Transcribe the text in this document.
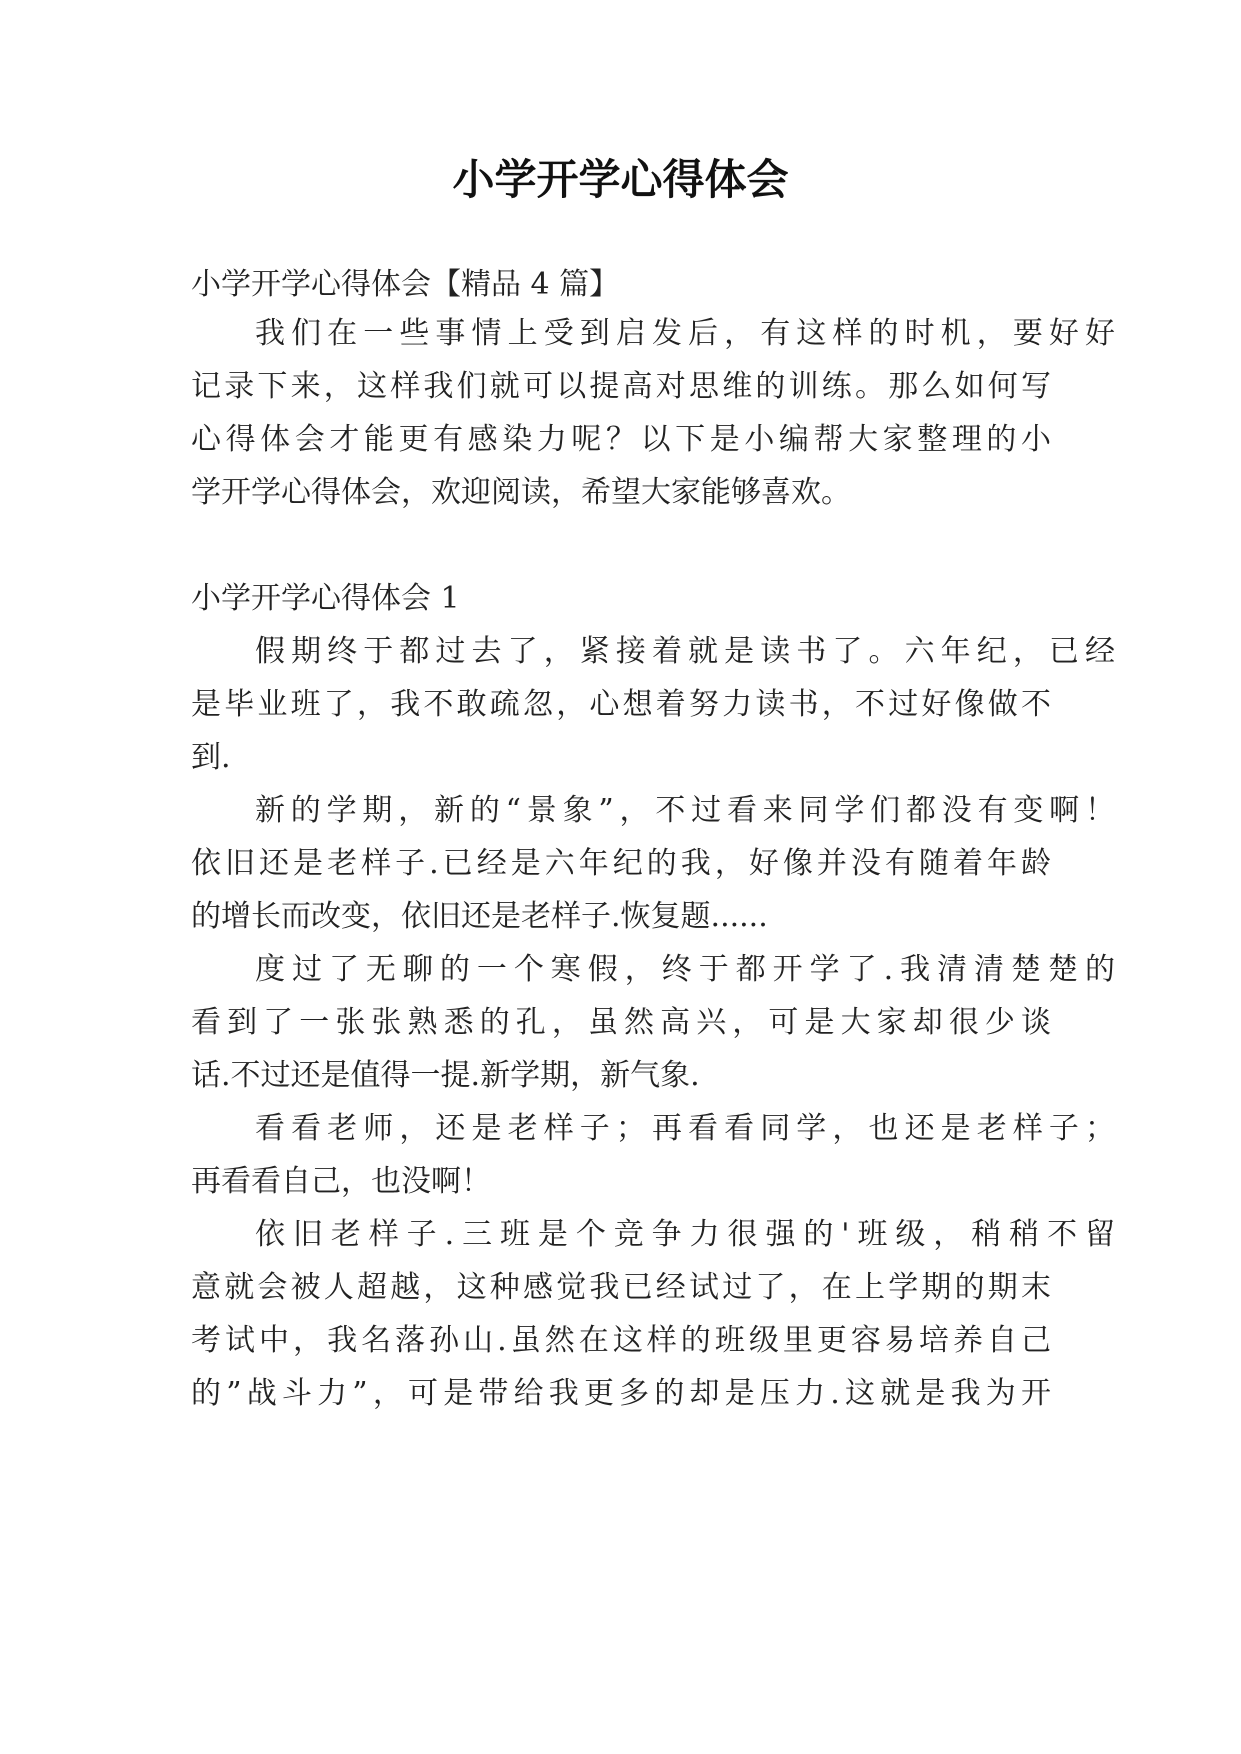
小学开学心得体会

小学开学心得体会【精品 4 篇】

我们在一些事情上受到启发后，有这样的时机，要好好

记录下来，这样我们就可以提高对思维的训练。那么如何写

心得体会才能更有感染力呢？以下是小编帮大家整理的小

学开学心得体会，欢迎阅读，希望大家能够喜欢。

小学开学心得体会 1

假期终于都过去了，紧接着就是读书了。六年纪，已经

是毕业班了，我不敢疏忽，心想着努力读书，不过好像做不

到.

新的学期，新的“景象”，不过看来同学们都没有变啊！

依旧还是老样子.已经是六年纪的我，好像并没有随着年龄

的增长而改变，依旧还是老样子.恢复题......

度过了无聊的一个寒假，终于都开学了.我清清楚楚的

看到了一张张熟悉的孔，虽然高兴，可是大家却很少谈

话.不过还是值得一提.新学期，新气象.

看看老师，还是老样子；再看看同学，也还是老样子；

再看看自己，也没啊！

依旧老样子.三班是个竞争力很强的'班级，稍稍不留

意就会被人超越，这种感觉我已经试过了，在上学期的期末

考试中，我名落孙山.虽然在这样的班级里更容易培养自己

的”战斗力”，可是带给我更多的却是压力.这就是我为开
